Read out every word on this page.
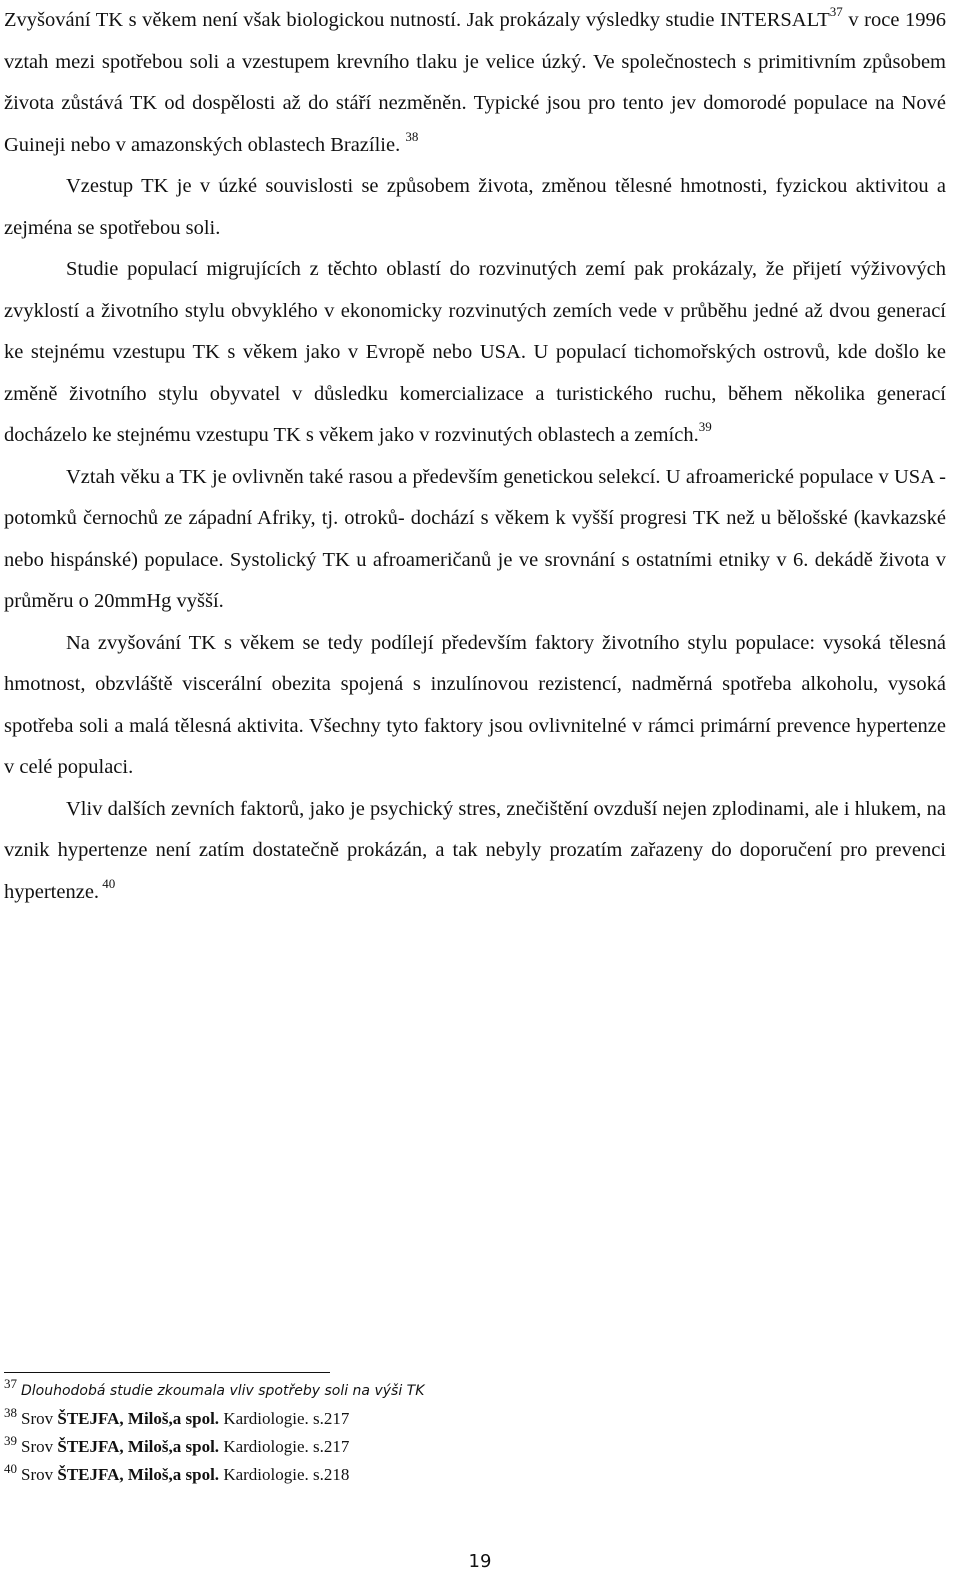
Zvyšování TK s věkem není však biologickou nutností. Jak prokázaly výsledky studie INTERSALT$^{37}$ v roce 1996 vztah mezi spotřebou soli a vzestupem krevního tlaku je velice úzký. Ve společnostech s primitivním způsobem života zůstává TK od dospělosti až do stáří nezměněn. Typické jsou pro tento jev domorodé populace na Nové Guineji nebo v amazonských oblastech Brazílie. $^{38}$

Vzestup TK je v úzké souvislosti se způsobem života, změnou tělesné hmotnosti, fyzickou aktivitou a zejména se spotřebou soli.

Studie populací migrujících z těchto oblastí do rozvinutých zemí pak prokázaly, že přijetí výživových zvyklostí a životního stylu obvyklého v ekonomicky rozvinutých zemích vede v průběhu jedné až dvou generací ke stejnému vzestupu TK s věkem jako v Evropě nebo USA. U populací tichomořských ostrovů, kde došlo ke změně životního stylu obyvatel v důsledku komercializace a turistického ruchu, během několika generací docházelo ke stejnému vzestupu TK s věkem jako v rozvinutých oblastech a zemích.$^{39}$

Vztah věku a TK je ovlivněn také rasou a především genetickou selekcí. U afroamerické populace v USA - potomků černochů ze západní Afriky, tj. otroků- dochází s věkem k vyšší progresi TK než u bělošské (kavkazské nebo hispánské) populace. Systolický TK u afroameričanů je ve srovnání s ostatními etniky v 6. dekádě života v průměru o 20mmHg vyšší.

Na zvyšování TK s věkem se tedy podílejí především faktory životního stylu populace: vysoká tělesná hmotnost, obzvláště viscerální obezita spojená s inzulínovou rezistencí, nadměrná spotřeba alkoholu, vysoká spotřeba soli a malá tělesná aktivita. Všechny tyto faktory jsou ovlivnitelné v rámci primární prevence hypertenze v celé populaci.

Vliv dalších zevních faktorů, jako je psychický stres, znečištění ovzduší nejen zplodinami, ale i hlukem, na vznik hypertenze není zatím dostatečně prokázán, a tak nebyly prozatím zařazeny do doporučení pro prevenci hypertenze. $^{40}$

$^{37}$ Dlouhodobá studie zkoumala vliv spotřeby soli na výši TK
$^{38}$ Srov ŠTEJFA, Miloš,a spol. Kardiologie. s.217
$^{39}$ Srov ŠTEJFA, Miloš,a spol. Kardiologie. s.217
$^{40}$ Srov ŠTEJFA, Miloš,a spol. Kardiologie. s.218
19
